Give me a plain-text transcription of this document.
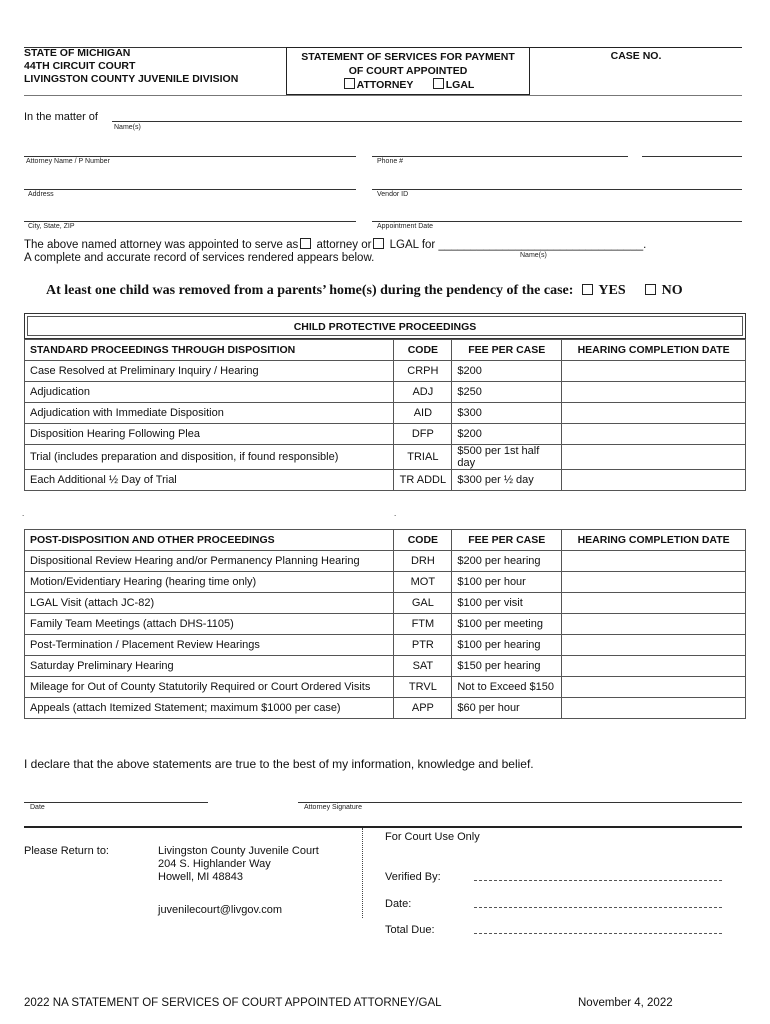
STATE OF MICHIGAN
44TH CIRCUIT COURT
LIVINGSTON COUNTY JUVENILE DIVISION
STATEMENT OF SERVICES FOR PAYMENT
OF COURT APPOINTED
ATTORNEY	LGAL
CASE NO.
In the matter of
Name(s)
Attorney Name / P Number	Phone #
Address	Vendor ID
City, State, ZIP	Appointment Date
The above named attorney was appointed to serve as attorney or LGAL for ________________________________.
A complete and accurate record of services rendered appears below.	Name(s)
At least one child was removed from a parents’ home(s) during the pendency of the case: YES	NO
CHILD PROTECTIVE PROCEEDINGS
STANDARD PROCEEDINGS THROUGH DISPOSITION	CODE	FEE PER CASE	HEARING COMPLETION DATE
Case Resolved at Preliminary Inquiry / Hearing	CRPH	$200	
Adjudication	ADJ	$250	
Adjudication with Immediate Disposition	AID	$300	
Disposition Hearing Following Plea	DFP	$200	
Trial (includes preparation and disposition, if found responsible)	TRIAL	$500 per 1st half day	
Each Additional ½ Day of Trial	TR ADDL	$300 per ½ day	
.	.
POST-DISPOSITION AND OTHER PROCEEDINGS	CODE	FEE PER CASE	HEARING COMPLETION DATE
Dispositional Review Hearing and/or Permanency Planning Hearing	DRH	$200 per hearing	
Motion/Evidentiary Hearing (hearing time only)	MOT	$100 per hour	
LGAL Visit (attach JC-82)	GAL	$100 per visit	
Family Team Meetings (attach DHS-1105)	FTM	$100 per meeting	
Post-Termination / Placement Review Hearings	PTR	$100 per hearing	
Saturday Preliminary Hearing	SAT	$150 per hearing	
Mileage for Out of County Statutorily Required or Court Ordered Visits	TRVL	Not to Exceed $150	
Appeals (attach Itemized Statement; maximum $1000 per case)	APP	$60 per hour	
I declare that the above statements are true to the best of my information, knowledge and belief.
Date	Attorney Signature
Please Return to:	Livingston County Juvenile Court
204 S. Highlander Way
Howell, MI 48843
juvenilecourt@livgov.com
For Court Use Only
Verified By:
Date:
Total Due:
2022 NA STATEMENT OF SERVICES OF COURT APPOINTED ATTORNEY/GAL	November 4, 2022
